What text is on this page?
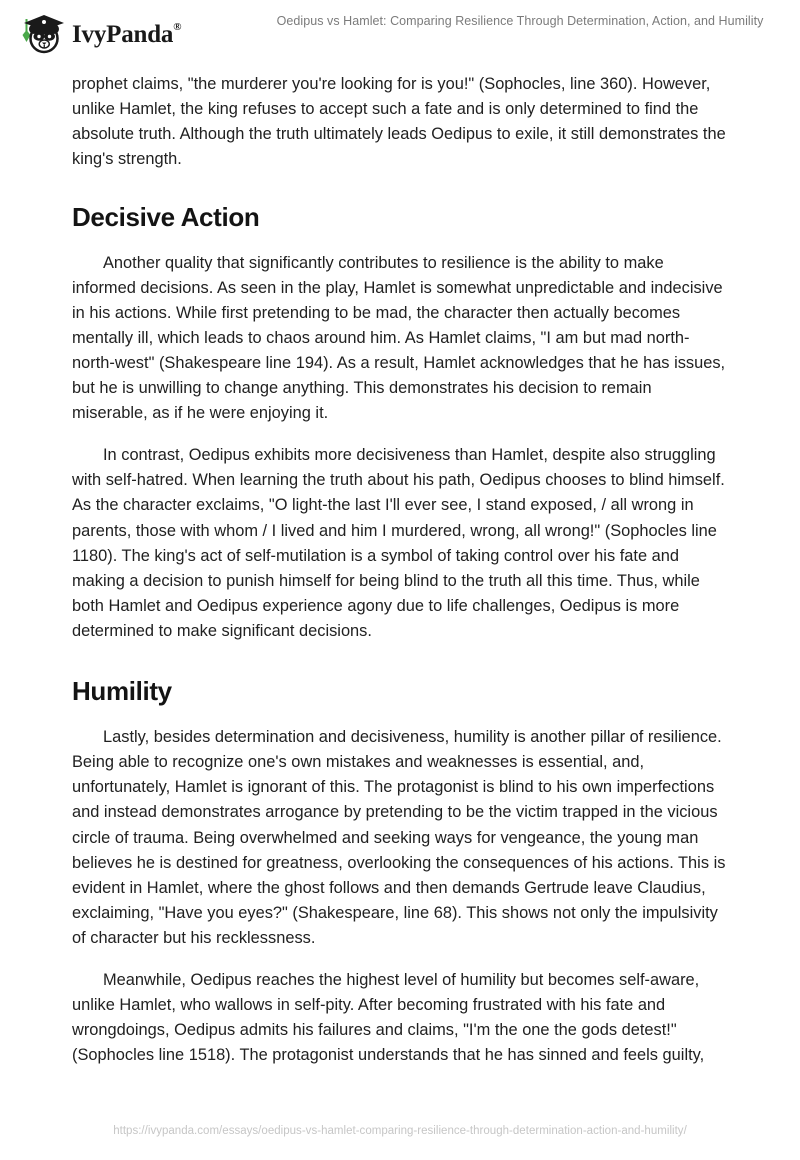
IvyPanda®	Oedipus vs Hamlet: Comparing Resilience Through Determination, Action, and Humility

prophet claims, "the murderer you're looking for is you!" (Sophocles, line 360). However, unlike Hamlet, the king refuses to accept such a fate and is only determined to find the absolute truth. Although the truth ultimately leads Oedipus to exile, it still demonstrates the king's strength.

Decisive Action

Another quality that significantly contributes to resilience is the ability to make informed decisions. As seen in the play, Hamlet is somewhat unpredictable and indecisive in his actions. While first pretending to be mad, the character then actually becomes mentally ill, which leads to chaos around him. As Hamlet claims, "I am but mad north-north-west" (Shakespeare line 194). As a result, Hamlet acknowledges that he has issues, but he is unwilling to change anything. This demonstrates his decision to remain miserable, as if he were enjoying it.

In contrast, Oedipus exhibits more decisiveness than Hamlet, despite also struggling with self-hatred. When learning the truth about his path, Oedipus chooses to blind himself. As the character exclaims, "O light-the last I'll ever see, I stand exposed, / all wrong in parents, those with whom / I lived and him I murdered, wrong, all wrong!" (Sophocles line 1180). The king's act of self-mutilation is a symbol of taking control over his fate and making a decision to punish himself for being blind to the truth all this time. Thus, while both Hamlet and Oedipus experience agony due to life challenges, Oedipus is more determined to make significant decisions.

Humility

Lastly, besides determination and decisiveness, humility is another pillar of resilience. Being able to recognize one's own mistakes and weaknesses is essential, and, unfortunately, Hamlet is ignorant of this. The protagonist is blind to his own imperfections and instead demonstrates arrogance by pretending to be the victim trapped in the vicious circle of trauma. Being overwhelmed and seeking ways for vengeance, the young man believes he is destined for greatness, overlooking the consequences of his actions. This is evident in Hamlet, where the ghost follows and then demands Gertrude leave Claudius, exclaiming, "Have you eyes?" (Shakespeare, line 68). This shows not only the impulsivity of character but his recklessness.

Meanwhile, Oedipus reaches the highest level of humility but becomes self-aware, unlike Hamlet, who wallows in self-pity. After becoming frustrated with his fate and wrongdoings, Oedipus admits his failures and claims, "I'm the one the gods detest!" (Sophocles line 1518). The protagonist understands that he has sinned and feels guilty,

https://ivypanda.com/essays/oedipus-vs-hamlet-comparing-resilience-through-determination-action-and-humility/
